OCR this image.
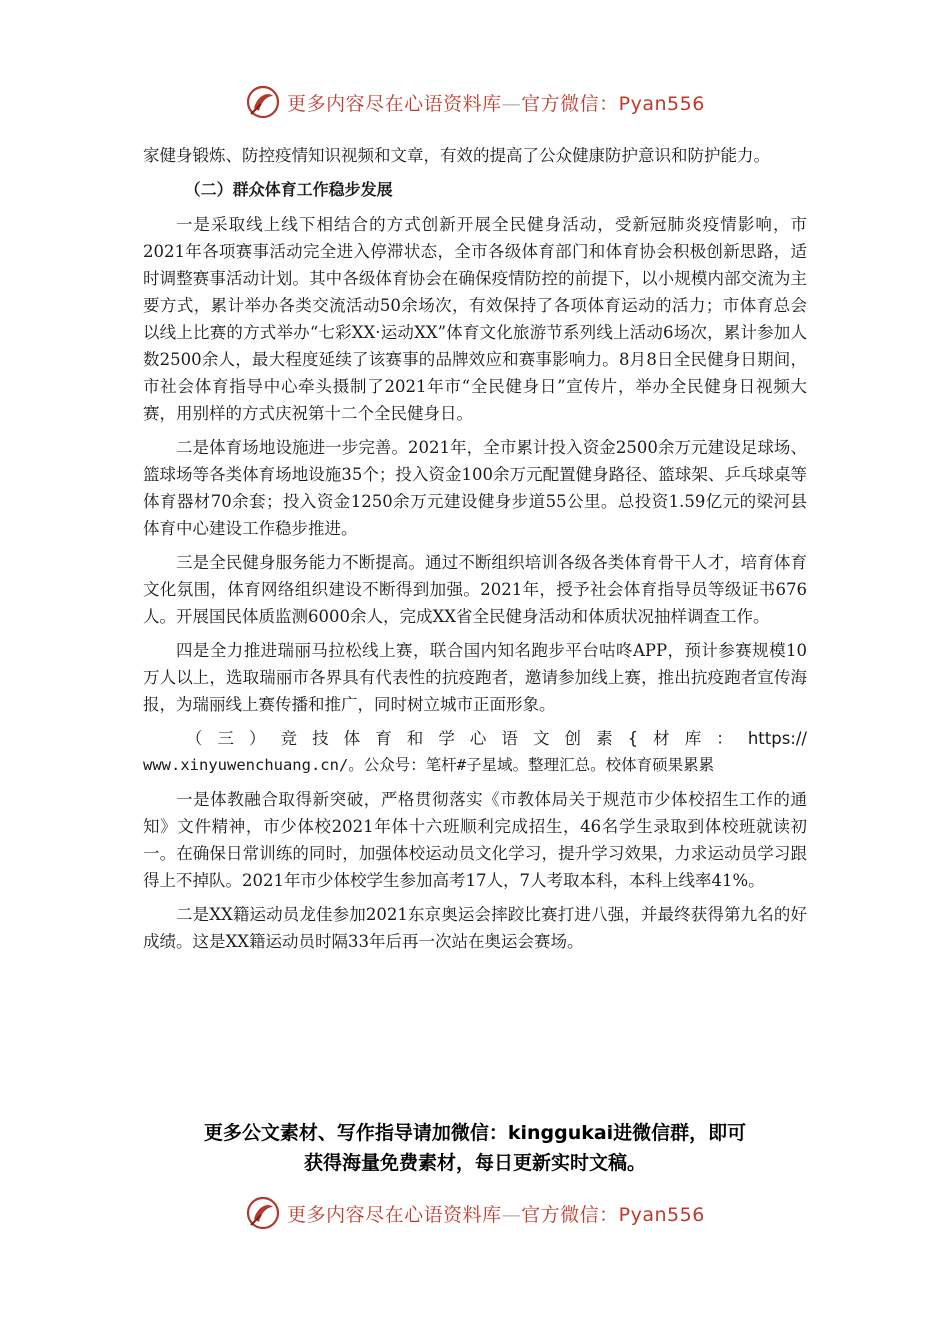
更多内容尽在心语资料库—官方微信：Pyan556

家健身锻炼、防控疫情知识视频和文章，有效的提高了公众健康防护意识和防护能力。

（二）群众体育工作稳步发展

一是采取线上线下相结合的方式创新开展全民健身活动，受新冠肺炎疫情影响，市2021年各项赛事活动完全进入停滞状态，全市各级体育部门和体育协会积极创新思路，适时调整赛事活动计划。其中各级体育协会在确保疫情防控的前提下，以小规模内部交流为主要方式，累计举办各类交流活动50余场次，有效保持了各项体育运动的活力；市体育总会以线上比赛的方式举办“七彩XX·运动XX”体育文化旅游节系列线上活动6场次，累计参加人数2500余人，最大程度延续了该赛事的品牌效应和赛事影响力。8月8日全民健身日期间，市社会体育指导中心牵头摄制了2021年市“全民健身日”宣传片，举办全民健身日视频大赛，用别样的方式庆祝第十二个全民健身日。

二是体育场地设施进一步完善。2021年，全市累计投入资金2500余万元建设足球场、篮球场等各类体育场地设施35个；投入资金100余万元配置健身路径、篮球架、乒乓球桌等体育器材70余套；投入资金1250余万元建设健身步道55公里。总投资1.59亿元的梁河县体育中心建设工作稳步推进。

三是全民健身服务能力不断提高。通过不断组织培训各级各类体育骨干人才，培育体育文化氛围，体育网络组织建设不断得到加强。2021年，授予社会体育指导员等级证书676人。开展国民体质监测6000余人，完成XX省全民健身活动和体质状况抽样调查工作。

四是全力推进瑞丽马拉松线上赛，联合国内知名跑步平台咕咚APP，预计参赛规模10万人以上，选取瑞丽市各界具有代表性的抗疫跑者，邀请参加线上赛，推出抗疫跑者宣传海报，为瑞丽线上赛传播和推广，同时树立城市正面形象。

（三）竞技体育和学心语文创素{材库：https://

www.xinyuwenchuang.cn/。公众号：笔杆#子星域。整理汇总。校体育硕果累累

一是体教融合取得新突破，严格贯彻落实《市教体局关于规范市少体校招生工作的通知》文件精神，市少体校2021年体十六班顺利完成招生，46名学生录取到体校班就读初一。在确保日常训练的同时，加强体校运动员文化学习，提升学习效果，力求运动员学习跟得上不掉队。2021年市少体校学生参加高考17人，7人考取本科，本科上线率41%。

二是XX籍运动员龙佳参加2021东京奥运会摔跤比赛打进八强，并最终获得第九名的好成绩。这是XX籍运动员时隔33年后再一次站在奥运会赛场。

更多公文素材、写作指导请加微信：kinggukai进微信群，即可
获得海量免费素材，每日更新实时文稿。
更多内容尽在心语资料库—官方微信：Pyan556
